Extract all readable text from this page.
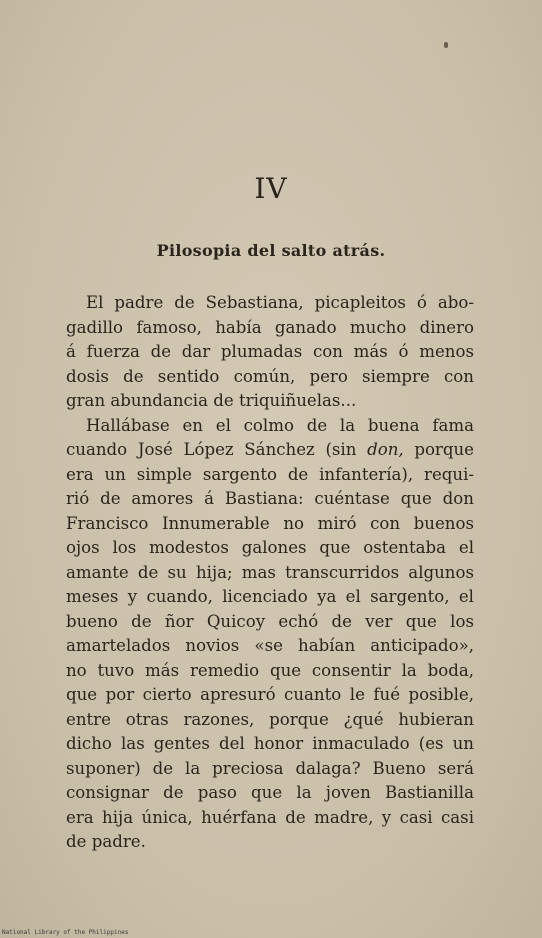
IV
Pilosopia del salto atrás.
El padre de Sebastiana, picapleitos ó abo-
gadillo famoso, había ganado mucho dinero
á fuerza de dar plumadas con más ó menos
dosis de sentido común, pero siempre con
gran abundancia de triquiñuelas...
Hallábase en el colmo de la buena fama
cuando José López Sánchez (sin don, porque
era un simple sargento de infantería), requi-
rió de amores á Bastiana: cuéntase que don
Francisco Innumerable no miró con buenos
ojos los modestos galones que ostentaba el
amante de su hija; mas transcurridos algunos
meses y cuando, licenciado ya el sargento, el
bueno de ñor Quicoy echó de ver que los
amartelados novios «se habían anticipado»,
no tuvo más remedio que consentir la boda,
que por cierto apresuró cuanto le fué posible,
entre otras razones, porque ¿qué hubieran
dicho las gentes del honor inmaculado (es un
suponer) de la preciosa dalaga? Bueno será
consignar de paso que la joven Bastianilla
era hija única, huérfana de madre, y casi casi
de padre.
National Library of the Philippines
